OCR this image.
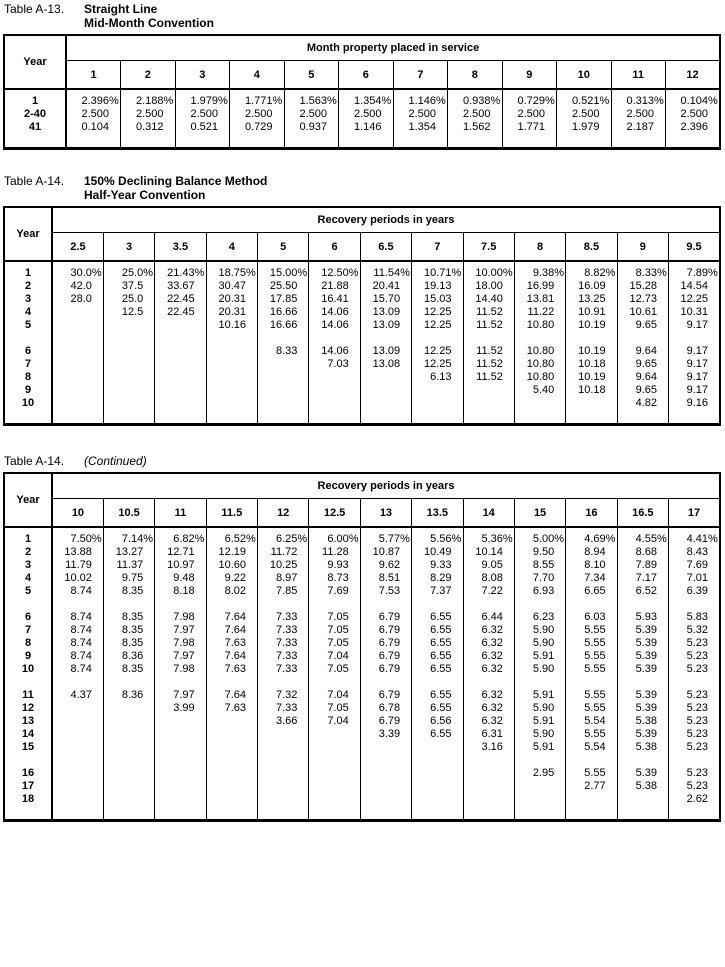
Table A-13.	Straight Line
Mid-Month Convention
Year	Month property placed in service											
	1	2	3	4	5	6	7	8	9	10	11	12
1	2.396%	2.188%	1.979%	1.771%	1.563%	1.354%	1.146%	0.938%	0.729%	0.521%	0.313%	0.104%
2-40	2.500	2.500	2.500	2.500	2.500	2.500	2.500	2.500	2.500	2.500	2.500	2.500
41	0.104	0.312	0.521	0.729	0.937	1.146	1.354	1.562	1.771	1.979	2.187	2.396
Table A-14.	150% Declining Balance Method
Half-Year Convention
Year	Recovery periods in years												
	2.5	3	3.5	4	5	6	6.5	7	7.5	8	8.5	9	9.5
1	30.0%	25.0%	21.43%	18.75%	15.00%	12.50%	11.54%	10.71%	10.00%	9.38%	8.82%	8.33%	7.89%
2	42.0	37.5	33.67	30.47	25.50	21.88	20.41	19.13	18.00	16.99	16.09	15.28	14.54
3	28.0	25.0	22.45	20.31	17.85	16.41	15.70	15.03	14.40	13.81	13.25	12.73	12.25
4		12.5	22.45	20.31	16.66	14.06	13.09	12.25	11.52	11.22	10.91	10.61	10.31
5				10.16	16.66	14.06	13.09	12.25	11.52	10.80	10.19	9.65	9.17

6					8.33	14.06	13.09	12.25	11.52	10.80	10.19	9.64	9.17
7						7.03	13.08	12.25	11.52	10.80	10.18	9.65	9.17
8								6.13	11.52	10.80	10.19	9.64	9.17
9										5.40	10.18	9.65	9.17
10												4.82	9.16
Table A-14.	(Continued)
Year	Recovery periods in years												
	10	10.5	11	11.5	12	12.5	13	13.5	14	15	16	16.5	17
1	7.50%	7.14%	6.82%	6.52%	6.25%	6.00%	5.77%	5.56%	5.36%	5.00%	4.69%	4.55%	4.41%
2	13.88	13.27	12.71	12.19	11.72	11.28	10.87	10.49	10.14	9.50	8.94	8.68	8.43
3	11.79	11.37	10.97	10.60	10.25	9.93	9.62	9.33	9.05	8.55	8.10	7.89	7.69
4	10.02	9.75	9.48	9.22	8.97	8.73	8.51	8.29	8.08	7.70	7.34	7.17	7.01
5	8.74	8.35	8.18	8.02	7.85	7.69	7.53	7.37	7.22	6.93	6.65	6.52	6.39

6	8.74	8.35	7.98	7.64	7.33	7.05	6.79	6.55	6.44	6.23	6.03	5.93	5.83
7	8.74	8.35	7.97	7.64	7.33	7.05	6.79	6.55	6.32	5.90	5.55	5.39	5.32
8	8.74	8.35	7.98	7.63	7.33	7.05	6.79	6.55	6.32	5.90	5.55	5.39	5.23
9	8.74	8.36	7.97	7.64	7.33	7.04	6.79	6.55	6.32	5.91	5.55	5.39	5.23
10	8.74	8.35	7.98	7.63	7.33	7.05	6.79	6.55	6.32	5.90	5.55	5.39	5.23

11	4.37	8.36	7.97	7.64	7.32	7.04	6.79	6.55	6.32	5.91	5.55	5.39	5.23
12			3.99	7.63	7.33	7.05	6.78	6.55	6.32	5.90	5.55	5.39	5.23
13					3.66	7.04	6.79	6.56	6.32	5.91	5.54	5.38	5.23
14							3.39	6.55	6.31	5.90	5.55	5.39	5.23
15									3.16	5.91	5.54	5.38	5.23

16										2.95	5.55	5.39	5.23
17											2.77	5.38	5.23
18													2.62
